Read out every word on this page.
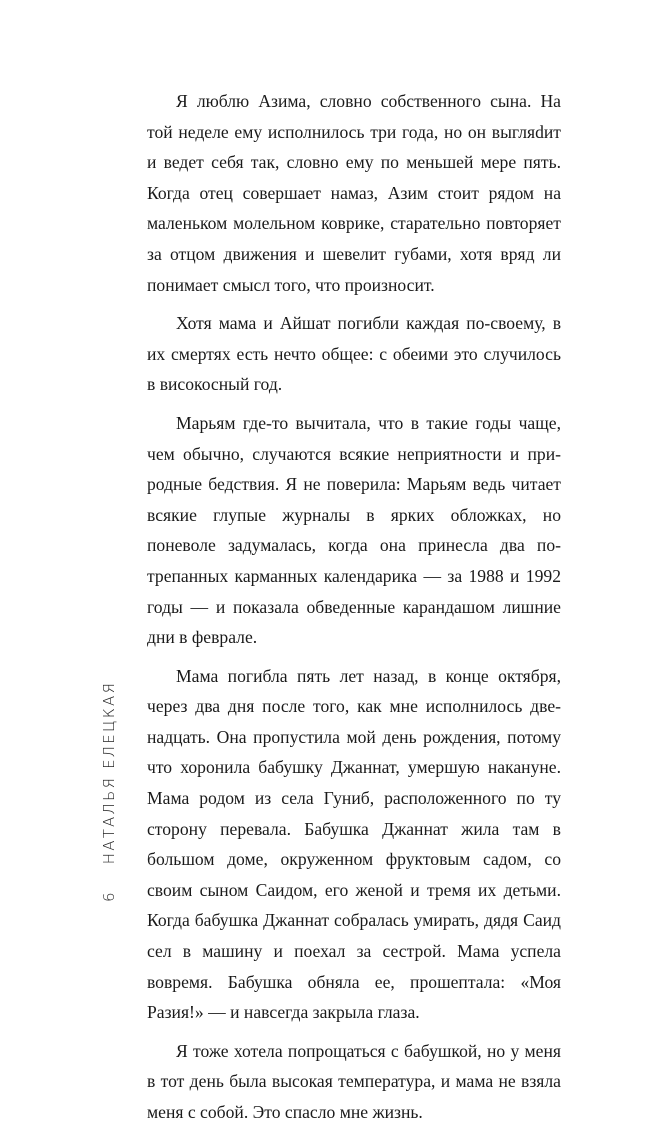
Я люблю Азима, словно собственного сына. На той неделе ему исполнилось три года, но он выгляdит и ведет себя так, словно ему по меньшей мере пять. Когда отец совершает намаз, Азим стоит рядом на маленьком молельном коврике, старательно повторяет за отцом движения и шевелит губами, хотя вряд ли понимает смысл того, что произносит.

Хотя мама и Айшат погибли каждая по-своему, в их смертях есть нечто общее: с обеими это случилось в високосный год.

Марьям где-то вычитала, что в такие годы чаще, чем обычно, случаются всякие неприятности и природные бедствия. Я не поверила: Марьям ведь читает всякие глупые журналы в ярких обложках, но поневоле задумалась, когда она принесла два потрепанных карманных календарика — за 1988 и 1992 годы — и показала обведенные карандашом лишние дни в феврале.

Мама погибла пять лет назад, в конце октября, через два дня после того, как мне исполнилось двенадцать. Она пропустила мой день рождения, потому что хоронила бабушку Джаннат, умершую накануне. Мама родом из села Гуниб, расположенного по ту сторону перевала. Бабушка Джаннат жила там в большом доме, окруженном фруктовым садом, со своим сыном Саидом, его женой и тремя их детьми. Когда бабушка Джаннат собралась умирать, дядя Саид сел в машину и поехал за сестрой. Мама успела вовремя. Бабушка обняла ее, прошептала: «Моя Разия!» — и навсегда закрыла глаза.

Я тоже хотела попрощаться с бабушкой, но у меня в тот день была высокая температура, и мама не взяла меня с собой. Это спасло мне жизнь.

6
НАТАЛЬЯ ЕЛЕЦКАЯ
